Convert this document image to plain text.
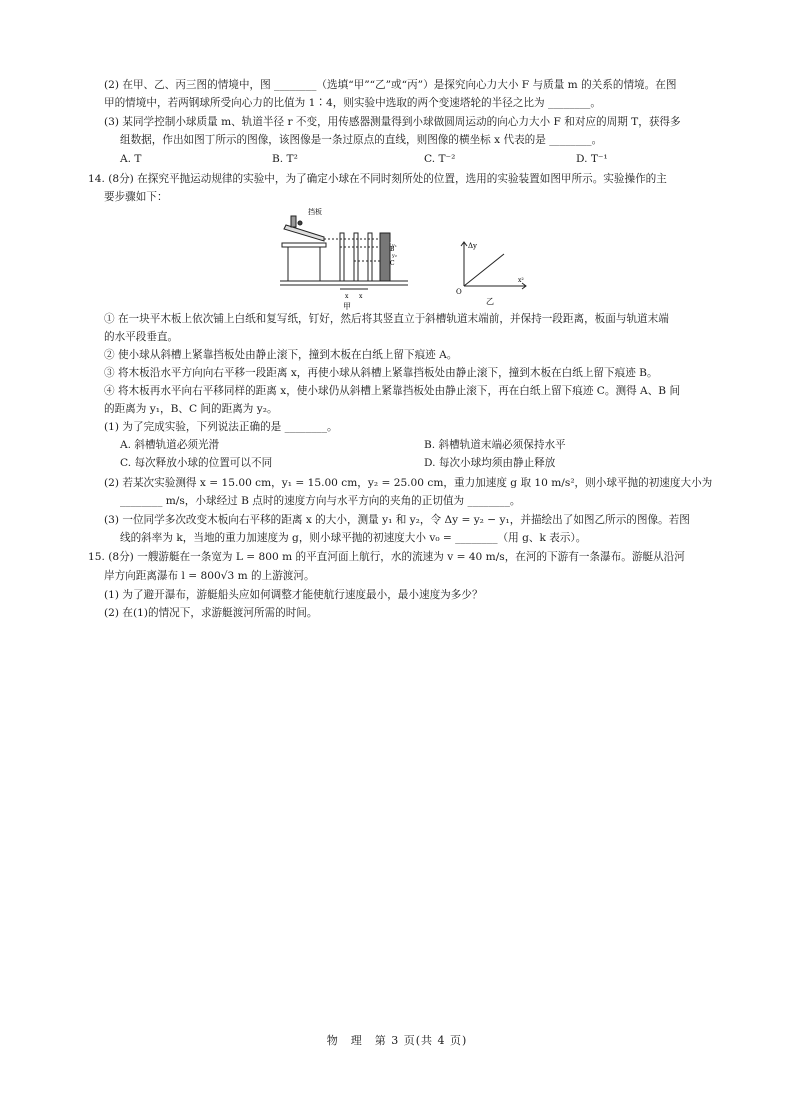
(2) 在甲、乙、丙三图的情境中，图 ________（选填“甲”“乙”或“丙”）是探究向心力大小 F 与质量 m 的关系的情境。在图
甲的情境中，若两钢球所受向心力的比值为 1∶4，则实验中选取的两个变速塔轮的半径之比为 ________。
(3) 某同学控制小球质量 m、轨道半径 r 不变，用传感器测量得到小球做圆周运动的向心力大小 F 和对应的周期 T，获得多
组数据，作出如图丁所示的图像，该图像是一条过原点的直线，则图像的横坐标 x 代表的是 ________。
A. T	B. T²	C. T⁻²	D. T⁻¹
14. (8分) 在探究平抛运动规律的实验中，为了确定小球在不同时刻所处的位置，选用的实验装置如图甲所示。实验操作的主
要步骤如下：
挡板
A
B
C
y₁
y₂
x x
甲
Δy
O
x²
乙
① 在一块平木板上依次铺上白纸和复写纸，钉好，然后将其竖直立于斜槽轨道末端前，并保持一段距离，板面与轨道末端
的水平段垂直。
② 使小球从斜槽上紧靠挡板处由静止滚下，撞到木板在白纸上留下痕迹 A。
③ 将木板沿水平方向向右平移一段距离 x，再使小球从斜槽上紧靠挡板处由静止滚下，撞到木板在白纸上留下痕迹 B。
④ 将木板再水平向右平移同样的距离 x，使小球仍从斜槽上紧靠挡板处由静止滚下，再在白纸上留下痕迹 C。测得 A、B 间
的距离为 y₁，B、C 间的距离为 y₂。
(1) 为了完成实验，下列说法正确的是 ________。
A. 斜槽轨道必须光滑	B. 斜槽轨道末端必须保持水平
C. 每次释放小球的位置可以不同	D. 每次小球均须由静止释放
(2) 若某次实验测得 x = 15.00 cm，y₁ = 15.00 cm，y₂ = 25.00 cm，重力加速度 g 取 10 m/s²，则小球平抛的初速度大小为
________ m/s，小球经过 B 点时的速度方向与水平方向的夹角的正切值为 ________。
(3) 一位同学多次改变木板向右平移的距离 x 的大小，测量 y₁ 和 y₂，令 Δy = y₂ − y₁，并描绘出了如图乙所示的图像。若图
线的斜率为 k，当地的重力加速度为 g，则小球平抛的初速度大小 v₀ = ________（用 g、k 表示）。
15. (8分) 一艘游艇在一条宽为 L = 800 m 的平直河面上航行，水的流速为 v = 40 m/s，在河的下游有一条瀑布。游艇从沿河
岸方向距离瀑布 l = 800√3 m 的上游渡河。
(1) 为了避开瀑布，游艇船头应如何调整才能使航行速度最小，最小速度为多少？
(2) 在(1)的情况下，求游艇渡河所需的时间。
物　理　第 3 页(共 4 页)
